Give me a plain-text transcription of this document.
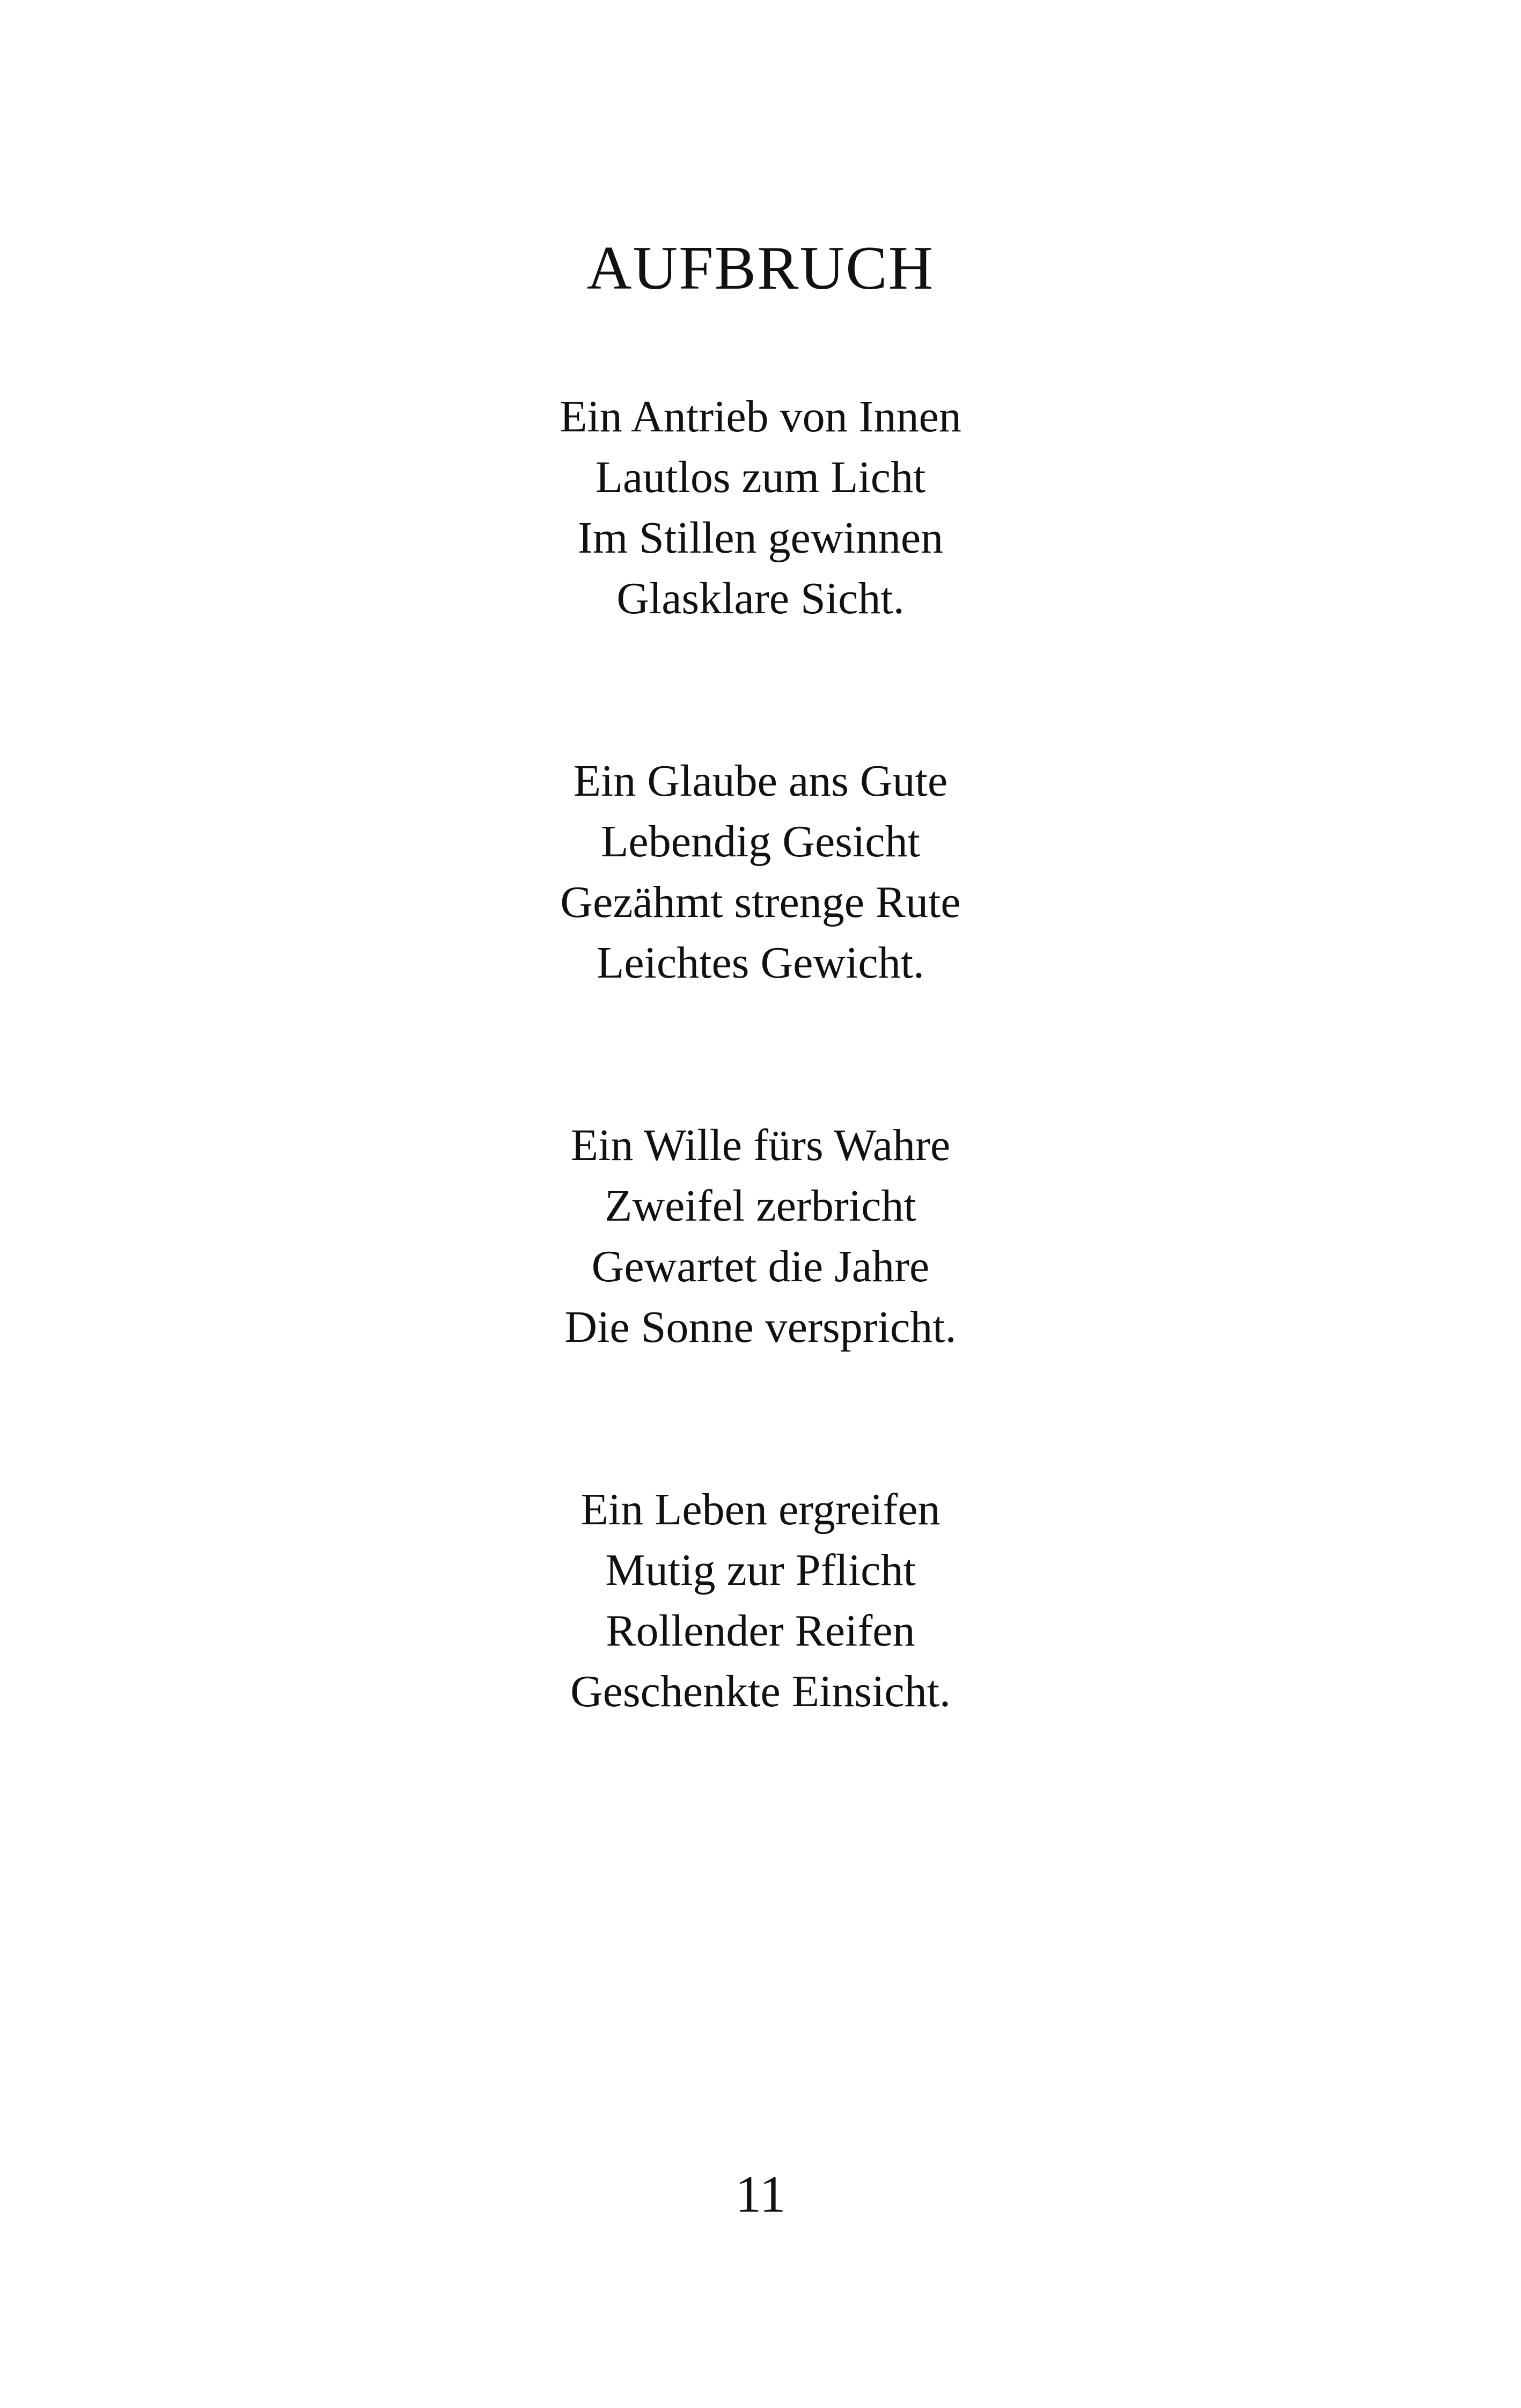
AUFBRUCH
Ein Antrieb von Innen
Lautlos zum Licht
Im Stillen gewinnen
Glasklare Sicht.
Ein Glaube ans Gute
Lebendig Gesicht
Gezähmt strenge Rute
Leichtes Gewicht.
Ein Wille fürs Wahre
Zweifel zerbricht
Gewartet die Jahre
Die Sonne verspricht.
Ein Leben ergreifen
Mutig zur Pflicht
Rollender Reifen
Geschenkte Einsicht.
11
